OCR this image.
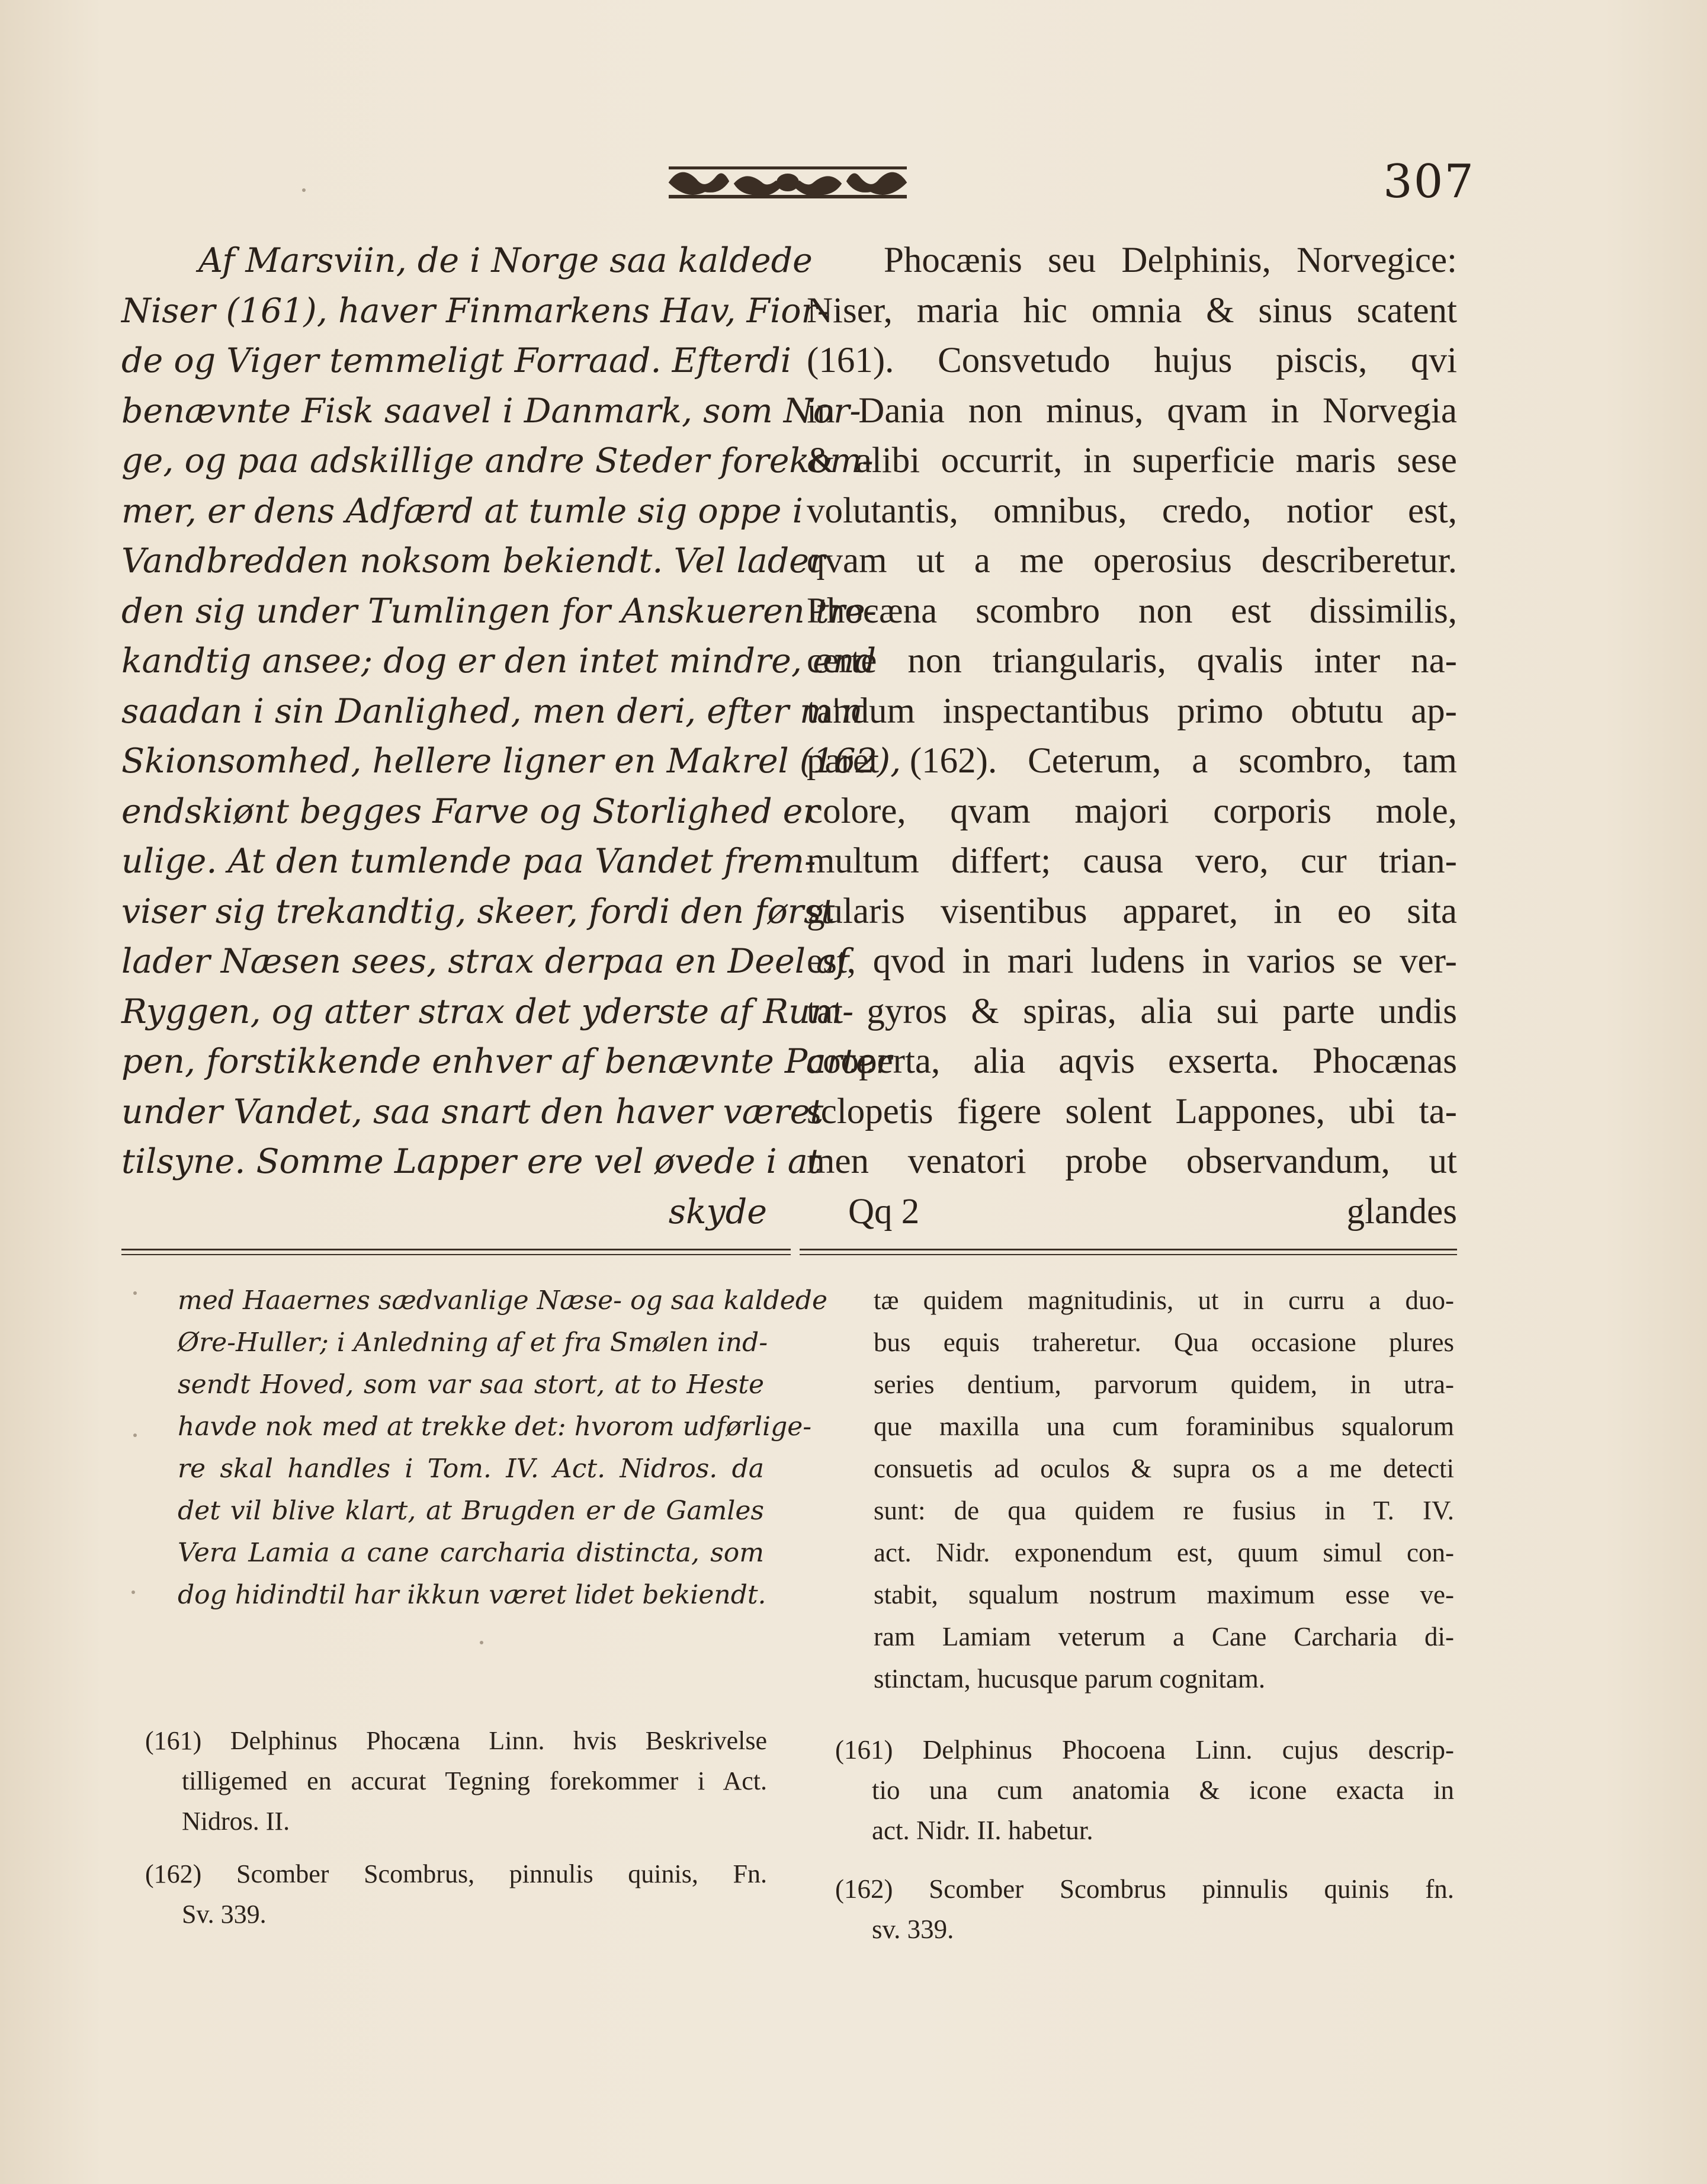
307
Af Marsviin, de i Norge saa kaldede
Niser (161), haver Finmarkens Hav, Fior-
de og Viger temmeligt Forraad. Efterdi
benævnte Fisk saavel i Danmark, som Nor-
ge, og paa adskillige andre Steder forekom-
mer, er dens Adfærd at tumle sig oppe i
Vandbredden noksom bekiendt. Vel lader
den sig under Tumlingen for Anskueren tre-
kandtig ansee; dog er den intet mindre, end
saadan i sin Danlighed, men deri, efter m'n
Skionsomhed, hellere ligner en Makrel (162),
endskiønt begges Farve og Storlighed er
ulige. At den tumlende paa Vandet frem-
viser sig trekandtig, skeer, fordi den først
lader Næsen sees, strax derpaa en Deel af
Ryggen, og atter strax det yderste af Rum-
pen, forstikkende enhver af benævnte Parter
under Vandet, saa snart den haver været
tilsyne. Somme Lapper ere vel øvede i at
skyde
Phocænis seu Delphinis, Norvegice:
Niser, maria hic omnia & sinus scatent
(161). Consvetudo hujus piscis, qvi
in Dania non minus, qvam in Norvegia
& alibi occurrit, in superficie maris sese
volutantis, omnibus, credo, notior est,
qvam ut a me operosius describeretur.
Phocæna scombro non est dissimilis,
certe non triangularis, qvalis inter na-
tandum inspectantibus primo obtutu ap-
paret (162). Ceterum, a scombro, tam
colore, qvam majori corporis mole,
multum differt; causa vero, cur trian-
gularis visentibus apparet, in eo sita
est, qvod in mari ludens in varios se ver-
tat gyros & spiras, alia sui parte undis
cooperta, alia aqvis exserta. Phocænas
sclopetis figere solent Lappones, ubi ta-
men venatori probe observandum, ut
Qq 2	glandes
med Haaernes sædvanlige Næse- og saa kaldede
Øre-Huller; i Anledning af et fra Smølen ind-
sendt Hoved, som var saa stort, at to Heste
havde nok med at trekke det: hvorom udførlige-
re skal handles i Tom. IV. Act. Nidros. da
det vil blive klart, at Brugden er de Gamles
Vera Lamia a cane carcharia distincta, som
dog hidindtil har ikkun været lidet bekiendt.
tæ quidem magnitudinis, ut in curru a duo-
bus equis traheretur. Qua occasione plures
series dentium, parvorum quidem, in utra-
que maxilla una cum foraminibus squalorum
consuetis ad oculos & supra os a me detecti
sunt: de qua quidem re fusius in T. IV.
act. Nidr. exponendum est, quum simul con-
stabit, squalum nostrum maximum esse ve-
ram Lamiam veterum a Cane Carcharia di-
stinctam, hucusque parum cognitam.
(161) Delphinus Phocæna Linn. hvis Beskrivelse
tilligemed en accurat Tegning forekommer i Act.
Nidros. II.
(162) Scomber Scombrus, pinnulis quinis, Fn.
Sv. 339.
(161) Delphinus Phocoena Linn. cujus descrip-
tio una cum anatomia & icone exacta in
act. Nidr. II. habetur.
(162) Scomber Scombrus pinnulis quinis fn.
sv. 339.
